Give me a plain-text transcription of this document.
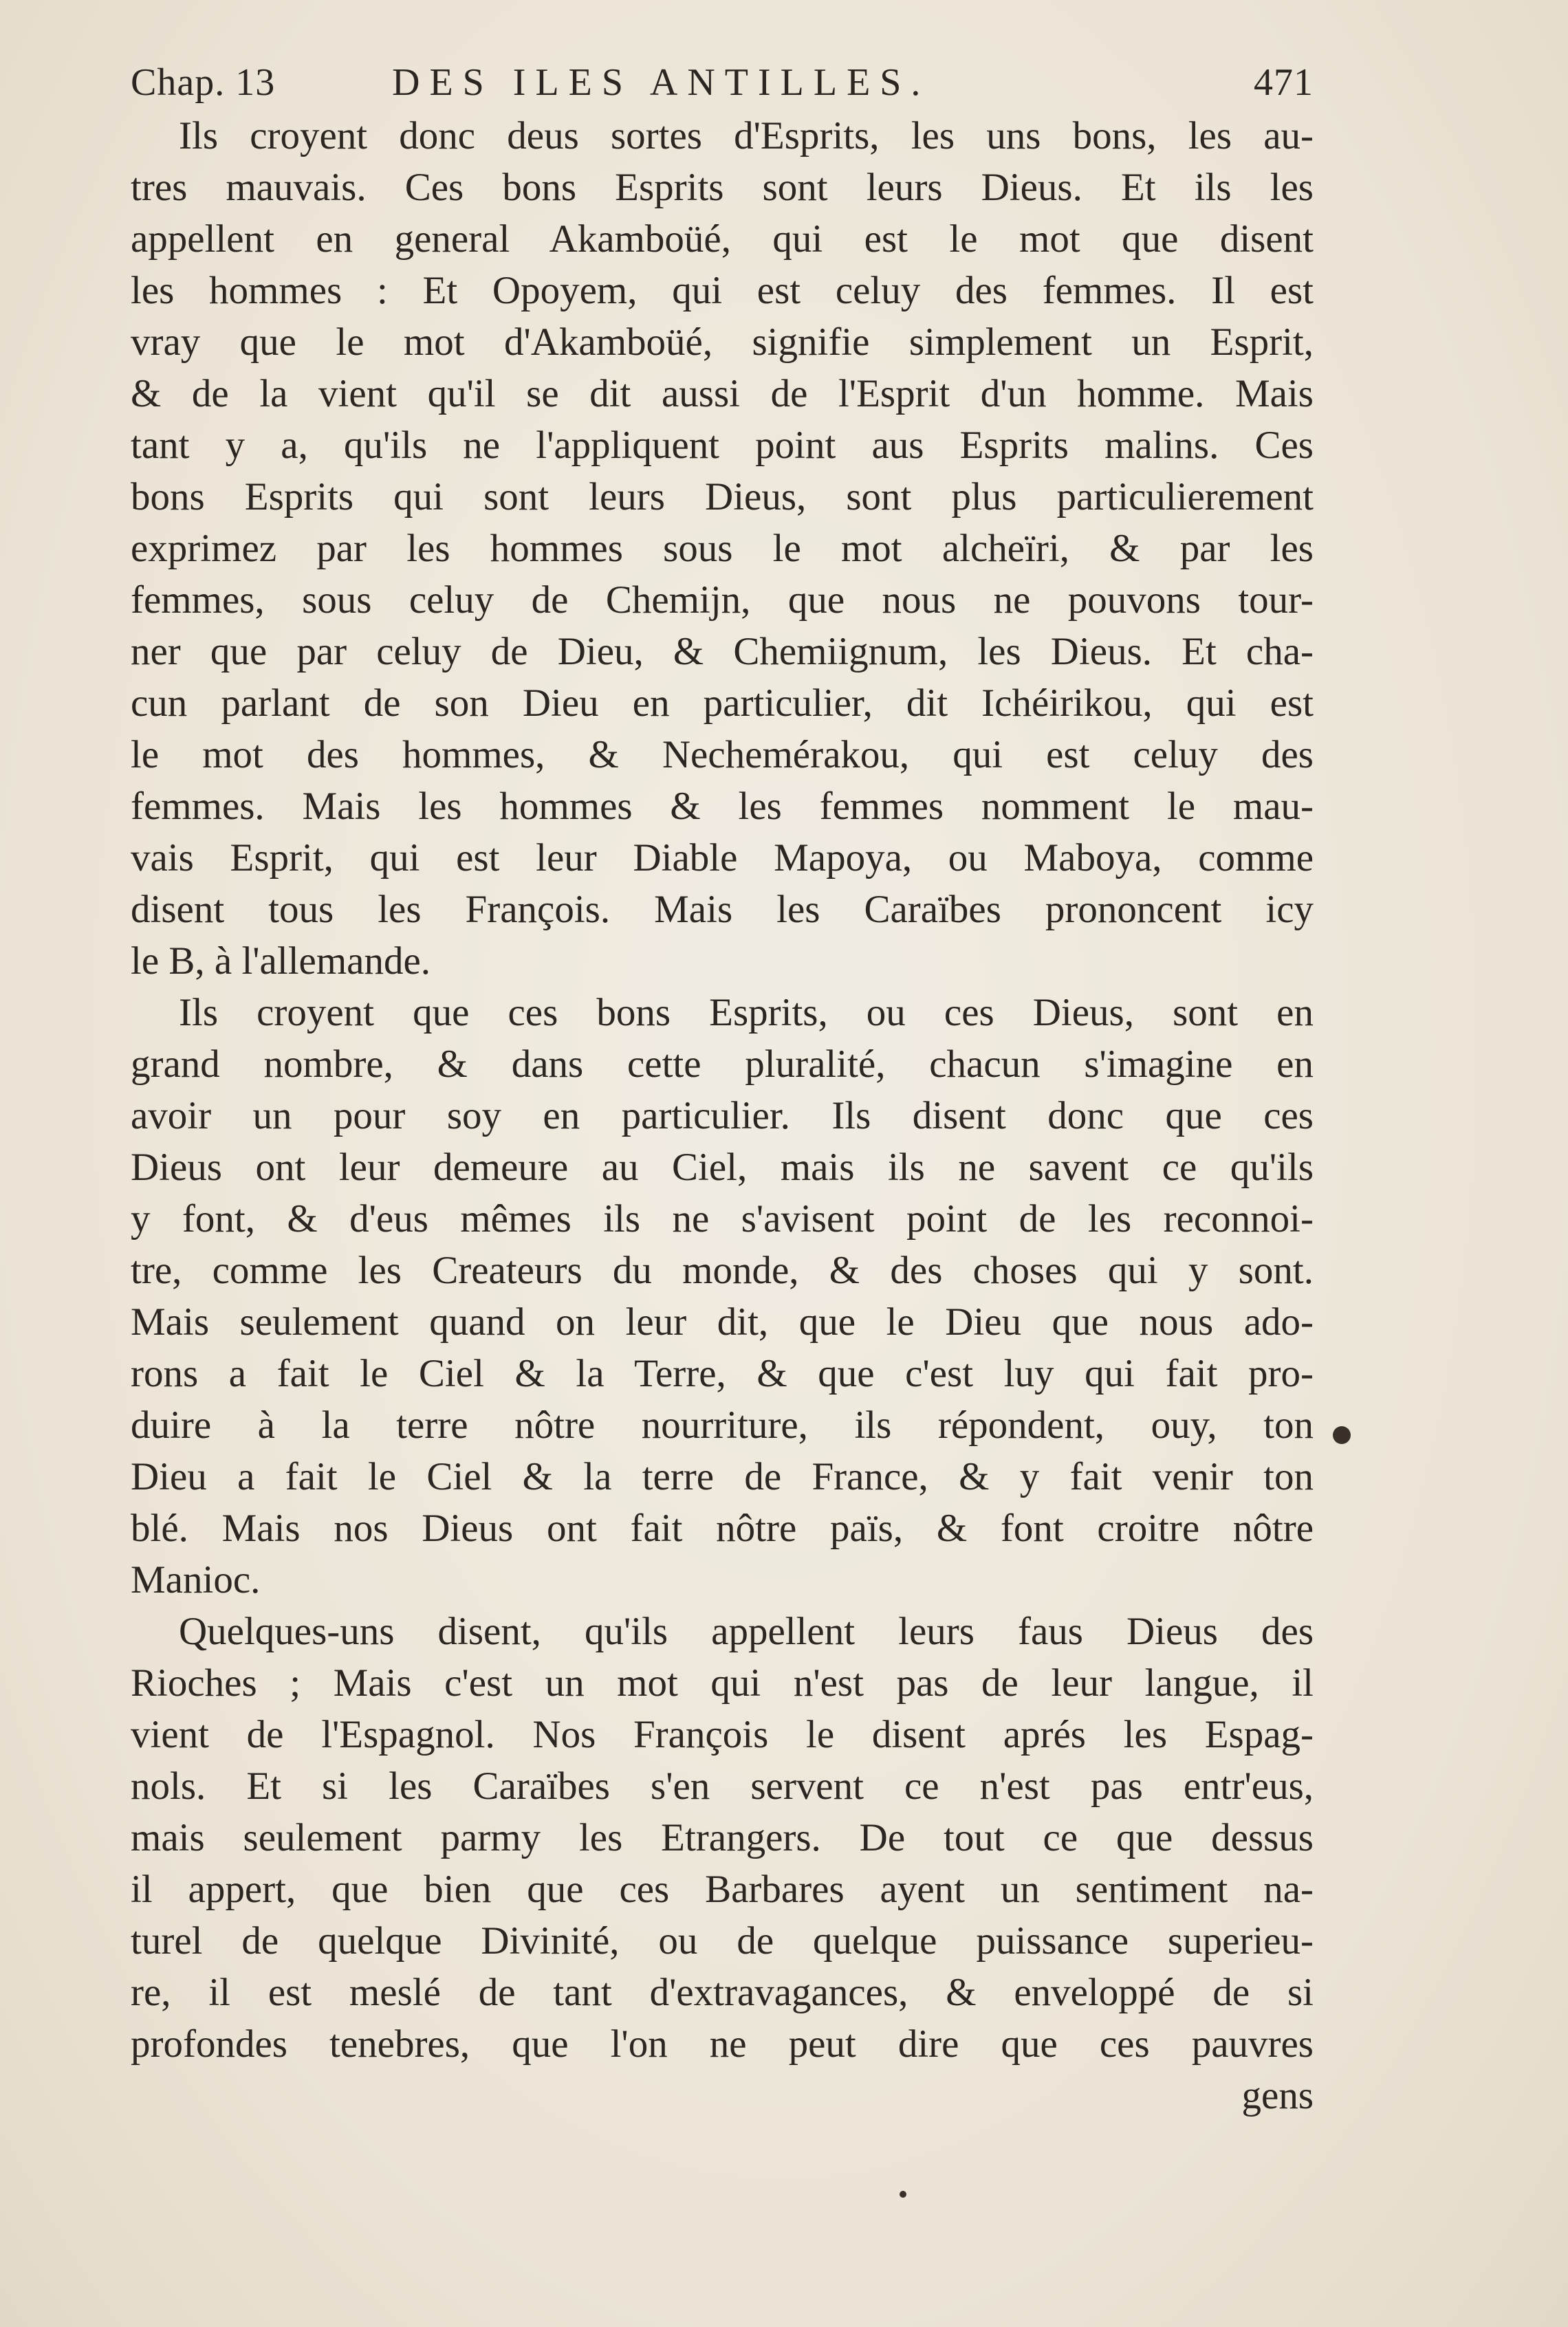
Chap. 13	DES ILES ANTILLES.	471
Ils croyent donc deus sortes d'Esprits, les uns bons, les au-
tres mauvais. Ces bons Esprits sont leurs Dieus. Et ils les
appellent en general Akamboüé, qui est le mot que disent
les hommes : Et Opoyem, qui est celuy des femmes. Il est
vray que le mot d'Akamboüé, signifie simplement un Esprit,
& de la vient qu'il se dit aussi de l'Esprit d'un homme. Mais
tant y a, qu'ils ne l'appliquent point aus Esprits malins. Ces
bons Esprits qui sont leurs Dieus, sont plus particulierement
exprimez par les hommes sous le mot alcheïri, & par les
femmes, sous celuy de Chemijn, que nous ne pouvons tour-
ner que par celuy de Dieu, & Chemiignum, les Dieus. Et cha-
cun parlant de son Dieu en particulier, dit Ichéirikou, qui est
le mot des hommes, & Nechemérakou, qui est celuy des
femmes. Mais les hommes & les femmes nomment le mau-
vais Esprit, qui est leur Diable Mapoya, ou Maboya, comme
disent tous les François. Mais les Caraïbes prononcent icy
le B, à l'allemande.
Ils croyent que ces bons Esprits, ou ces Dieus, sont en
grand nombre, & dans cette pluralité, chacun s'imagine en
avoir un pour soy en particulier. Ils disent donc que ces
Dieus ont leur demeure au Ciel, mais ils ne savent ce qu'ils
y font, & d'eus mêmes ils ne s'avisent point de les reconnoi-
tre, comme les Createurs du monde, & des choses qui y sont.
Mais seulement quand on leur dit, que le Dieu que nous ado-
rons a fait le Ciel & la Terre, & que c'est luy qui fait pro-
duire à la terre nôtre nourriture, ils répondent, ouy, ton
Dieu a fait le Ciel & la terre de France, & y fait venir ton
blé. Mais nos Dieus ont fait nôtre païs, & font croitre nôtre
Manioc.
Quelques-uns disent, qu'ils appellent leurs faus Dieus des
Rioches ; Mais c'est un mot qui n'est pas de leur langue, il
vient de l'Espagnol. Nos François le disent aprés les Espag-
nols. Et si les Caraïbes s'en servent ce n'est pas entr'eus,
mais seulement parmy les Etrangers. De tout ce que dessus
il appert, que bien que ces Barbares ayent un sentiment na-
turel de quelque Divinité, ou de quelque puissance superieu-
re, il est meslé de tant d'extravagances, & enveloppé de si
profondes tenebres, que l'on ne peut dire que ces pauvres
gens
